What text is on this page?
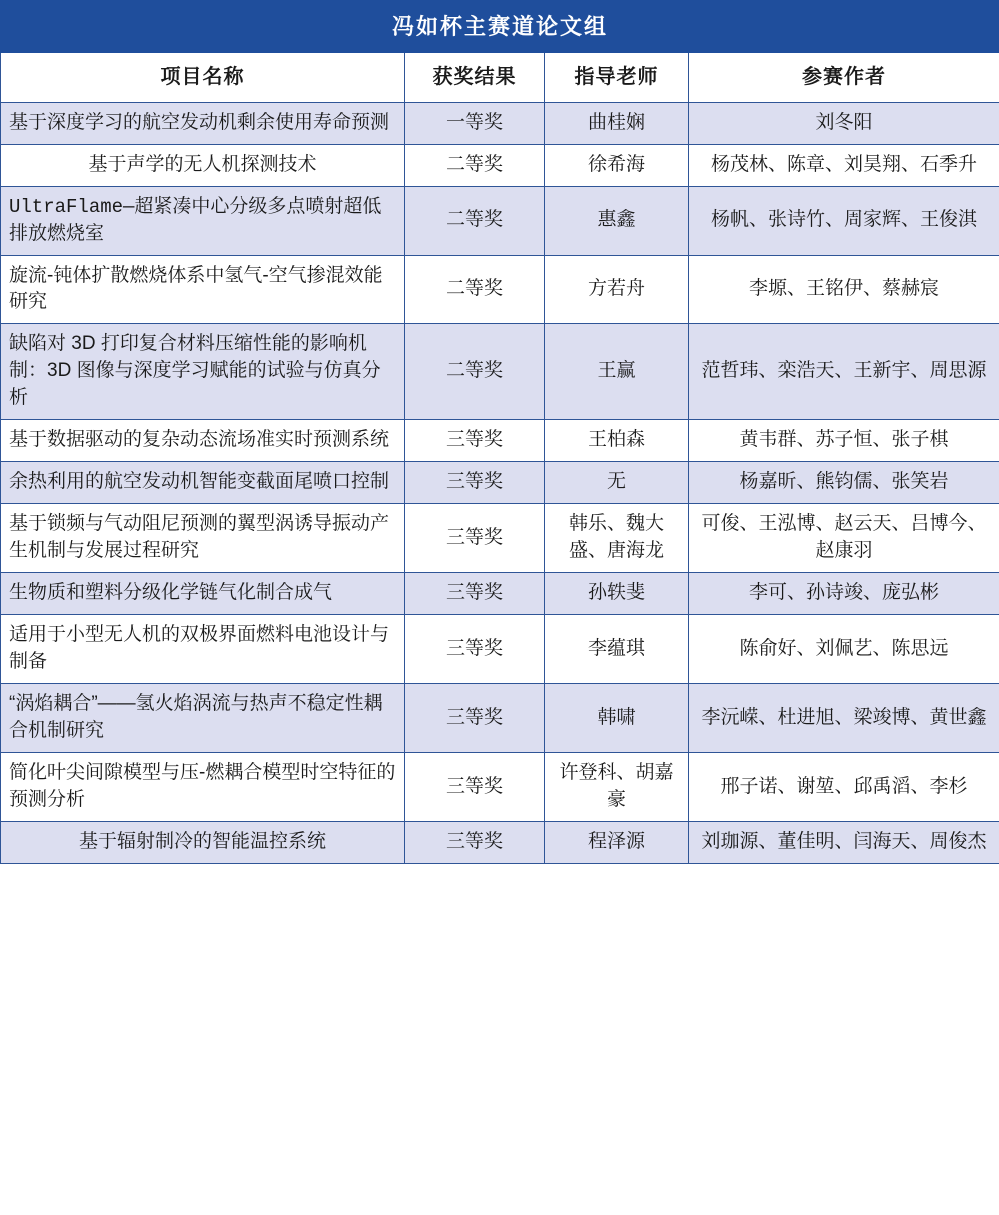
冯如杯主赛道论文组			
项目名称	获奖结果	指导老师	参赛作者
基于深度学习的航空发动机剩余使用寿命预测	一等奖	曲桂娴	刘冬阳
基于声学的无人机探测技术	二等奖	徐希海	杨茂林、陈章、刘昊翔、石季升
UltraFlame—超紧凑中心分级多点喷射超低排放燃烧室	二等奖	惠鑫	杨帆、张诗竹、周家辉、王俊淇
旋流-钝体扩散燃烧体系中氢气-空气掺混效能研究	二等奖	方若舟	李塬、王铭伊、蔡赫宸
缺陷对 3D 打印复合材料压缩性能的影响机制：3D 图像与深度学习赋能的试验与仿真分析	二等奖	王赢	范哲玮、栾浩天、王新宇、周思源
基于数据驱动的复杂动态流场准实时预测系统	三等奖	王柏森	黄韦群、苏子恒、张子棋
余热利用的航空发动机智能变截面尾喷口控制	三等奖	无	杨嘉昕、熊钧儒、张笑岩
基于锁频与气动阻尼预测的翼型涡诱导振动产生机制与发展过程研究	三等奖	韩乐、魏大盛、唐海龙	可俊、王泓博、赵云天、吕博今、赵康羽
生物质和塑料分级化学链气化制合成气	三等奖	孙轶斐	李可、孙诗竣、庞弘彬
适用于小型无人机的双极界面燃料电池设计与制备	三等奖	李蕴琪	陈俞好、刘佩艺、陈思远
“涡焰耦合”——氢火焰涡流与热声不稳定性耦合机制研究	三等奖	韩啸	李沅嵘、杜进旭、梁竣博、黄世鑫
简化叶尖间隙模型与压-燃耦合模型时空特征的预测分析	三等奖	许登科、胡嘉豪	邢子诺、谢堃、邱禹滔、李杉
基于辐射制冷的智能温控系统	三等奖	程泽源	刘珈源、董佳明、闫海天、周俊杰
